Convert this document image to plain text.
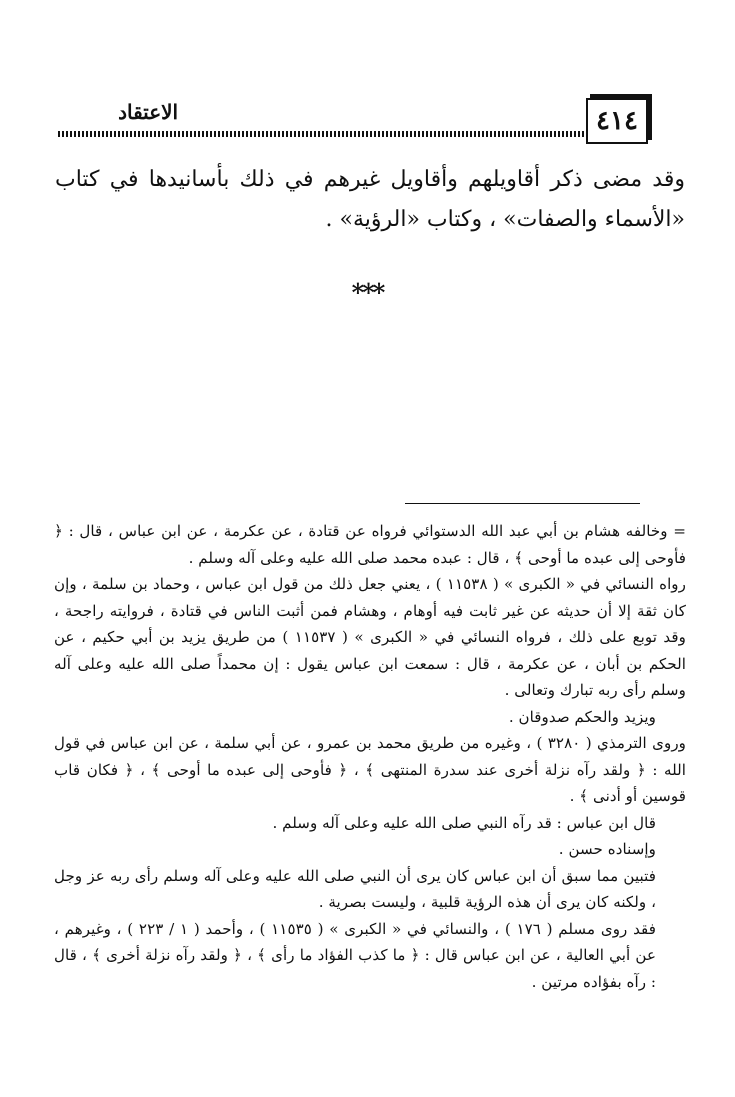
٤١٤
الاعتقاد

وقد مضى ذكر أقاويلهم وأقاويل غيرهم في ذلك بأسانيدها في كتاب «الأسماء والصفات» ، وكتاب «الرؤية» .

***

= وخالفه هشام بن أبي عبد الله الدستوائي فرواه عن قتادة ، عن عكرمة ، عن ابن عباس ، قال : ﴿ فأوحى إلى عبده ما أوحى ﴾ ، قال : عبده محمد صلى الله عليه وعلى آله وسلم .

رواه النسائي في « الكبرى » ( ١١٥٣٨ ) ، يعني جعل ذلك من قول ابن عباس ، وحماد بن سلمة ، وإن كان ثقة إلا أن حديثه عن غير ثابت فيه أوهام ، وهشام فمن أثبت الناس في قتادة ، فروايته راجحة ، وقد توبع على ذلك ، فرواه النسائي في « الكبرى » ( ١١٥٣٧ ) من طريق يزيد بن أبي حكيم ، عن الحكم بن أبان ، عن عكرمة ، قال : سمعت ابن عباس يقول : إن محمداً صلى الله عليه وعلى آله وسلم رأى ربه تبارك وتعالى .

ويزيد والحكم صدوقان .

وروى الترمذي ( ٣٢٨٠ ) ، وغيره من طريق محمد بن عمرو ، عن أبي سلمة ، عن ابن عباس في قول الله : ﴿ ولقد رآه نزلة أخرى عند سدرة المنتهى ﴾ ، ﴿ فأوحى إلى عبده ما أوحى ﴾ ، ﴿ فكان قاب قوسين أو أدنى ﴾ .

قال ابن عباس : قد رآه النبي صلى الله عليه وعلى آله وسلم .

وإسناده حسن .

فتبين مما سبق أن ابن عباس كان يرى أن النبي صلى الله عليه وعلى آله وسلم رأى ربه عز وجل ، ولكنه كان يرى أن هذه الرؤية قلبية ، وليست بصرية .

فقد روى مسلم ( ١٧٦ ) ، والنسائي في « الكبرى » ( ١١٥٣٥ ) ، وأحمد ( ١ / ٢٢٣ ) ، وغيرهم ، عن أبي العالية ، عن ابن عباس قال : ﴿ ما كذب الفؤاد ما رأى ﴾ ، ﴿ ولقد رآه نزلة أخرى ﴾ ، قال : رآه بفؤاده مرتين .
